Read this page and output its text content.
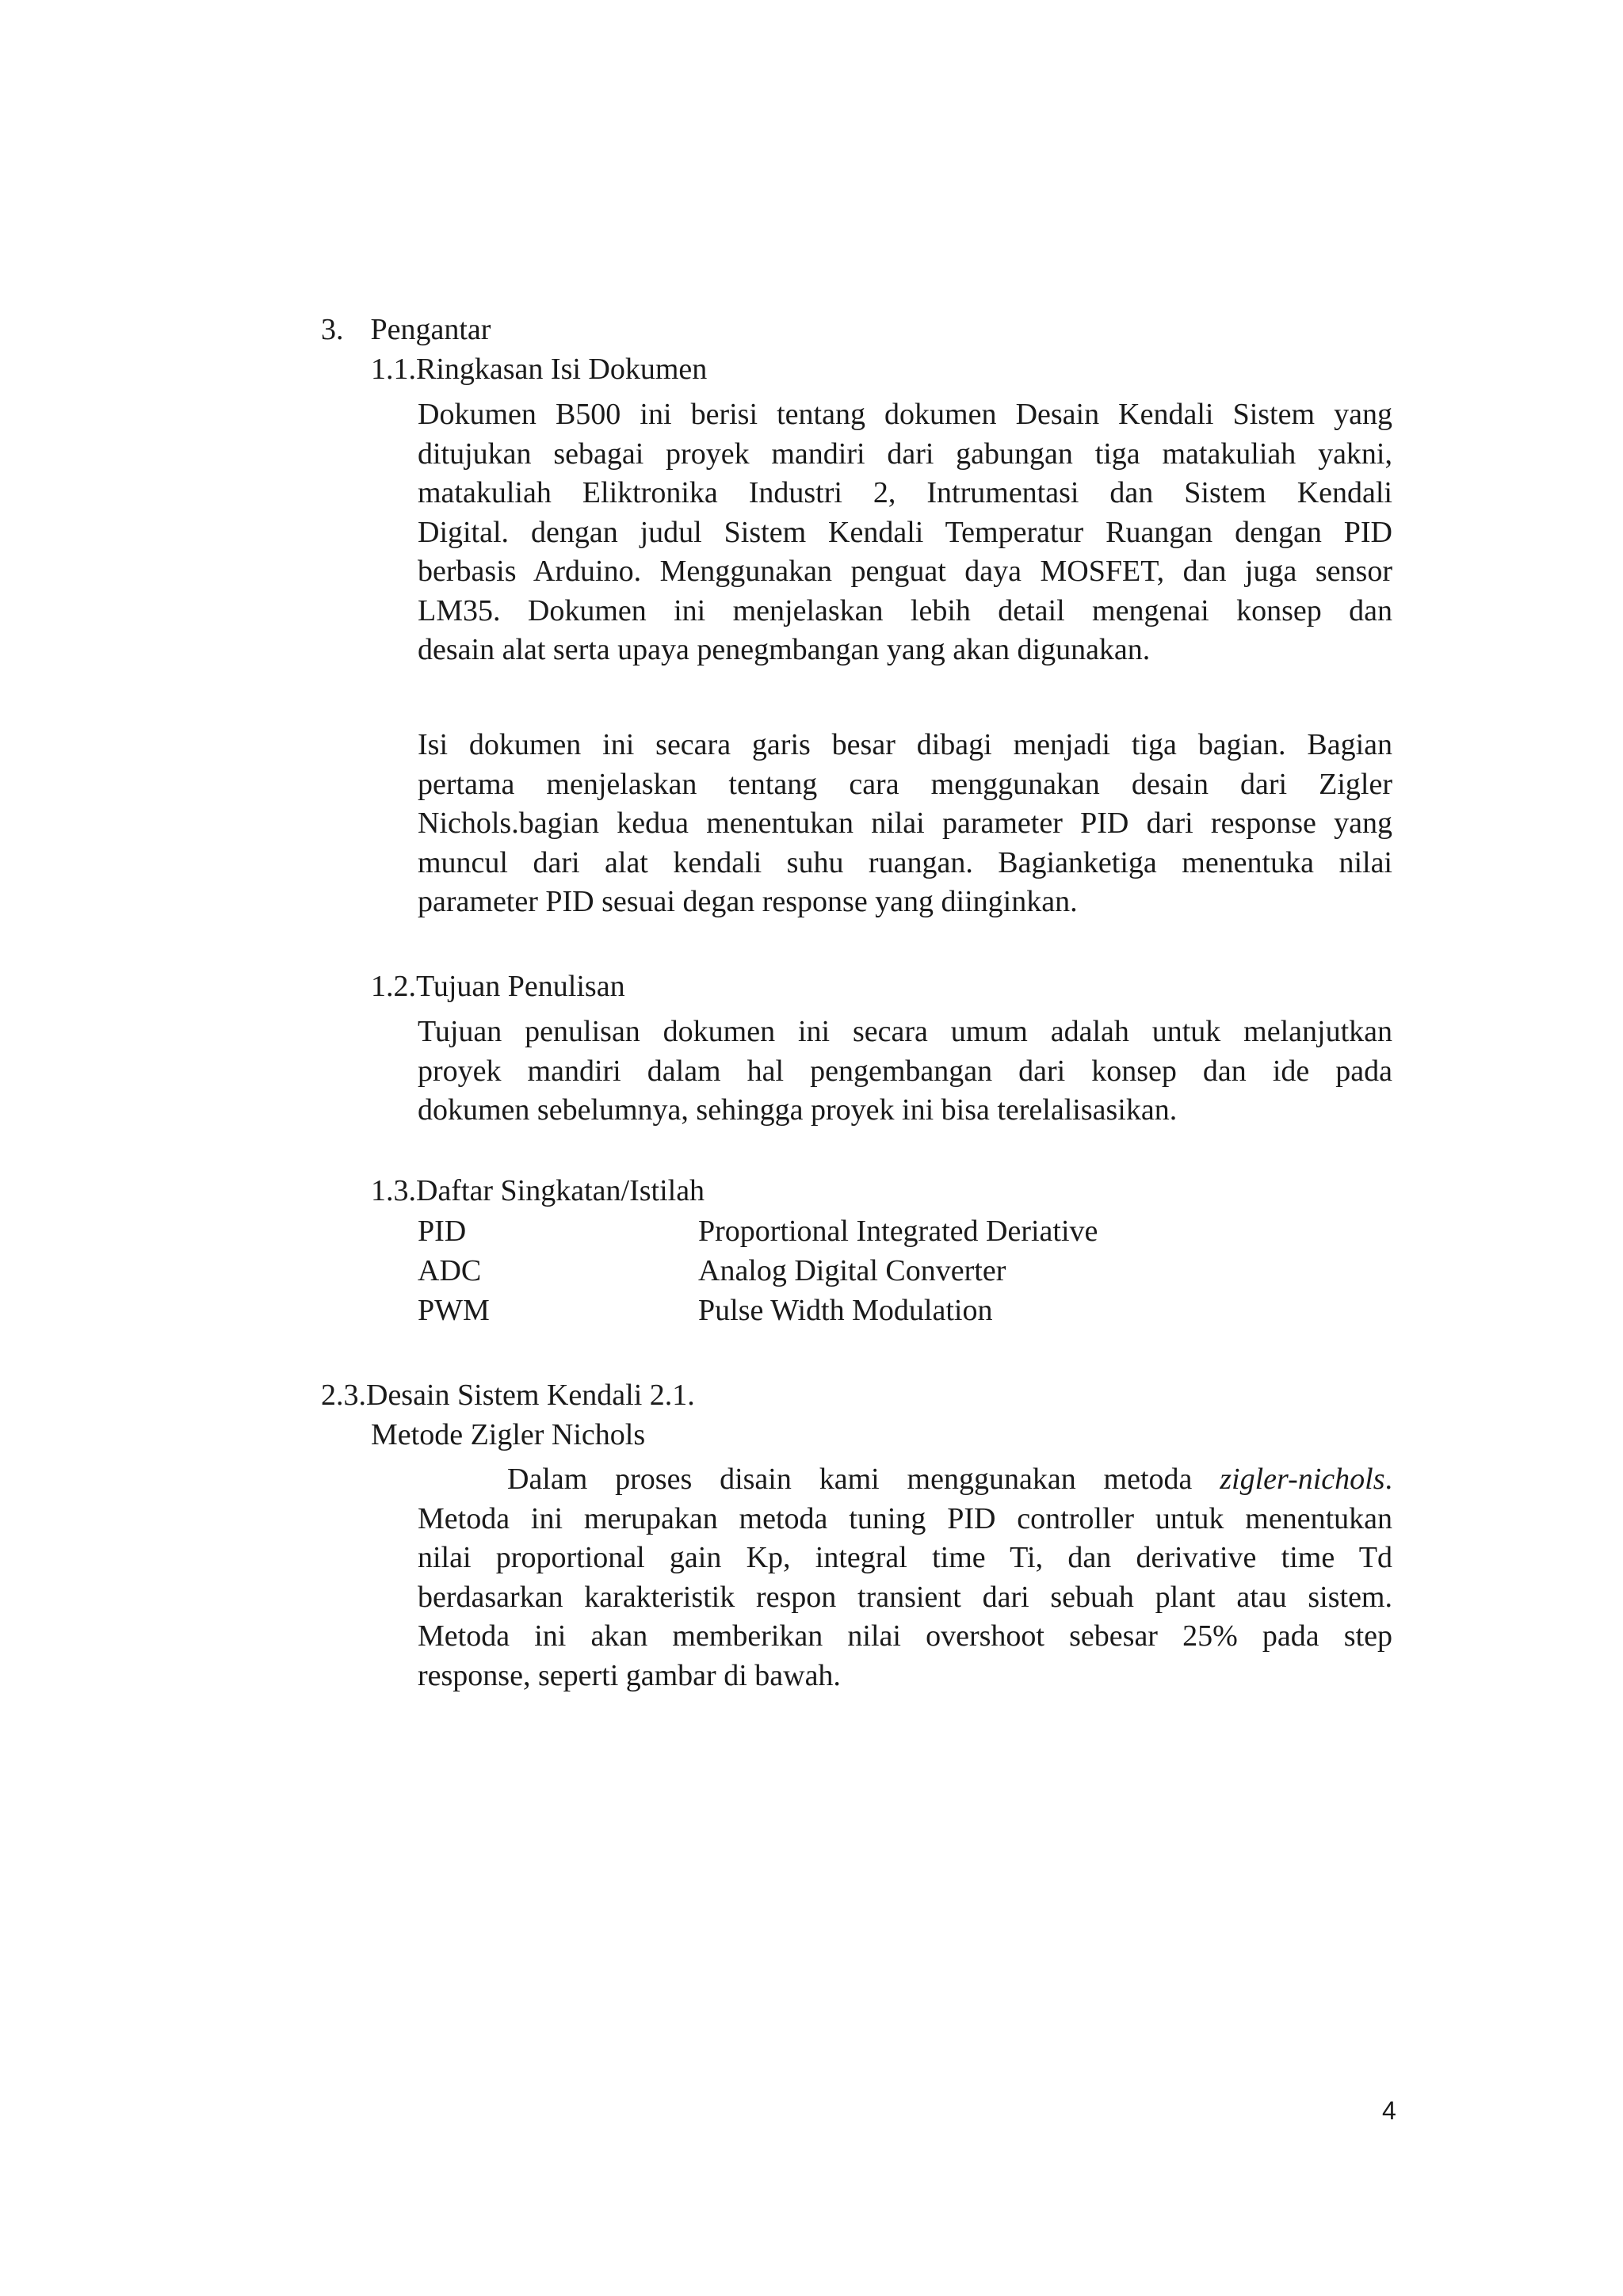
3. Pengantar
1.1.Ringkasan Isi Dokumen
Dokumen B500 ini berisi tentang dokumen Desain Kendali Sistem yang
ditujukan sebagai proyek mandiri dari gabungan tiga matakuliah yakni,
matakuliah Eliktronika Industri 2, Intrumentasi dan Sistem Kendali
Digital. dengan judul Sistem Kendali Temperatur Ruangan dengan PID
berbasis Arduino. Menggunakan penguat daya MOSFET, dan juga sensor
LM35. Dokumen ini menjelaskan lebih detail mengenai konsep dan
desain alat serta upaya penegmbangan yang akan digunakan.
Isi dokumen ini secara garis besar dibagi menjadi tiga bagian. Bagian
pertama menjelaskan tentang cara menggunakan desain dari Zigler
Nichols.bagian kedua menentukan nilai parameter PID dari response yang
muncul dari alat kendali suhu ruangan. Bagianketiga menentuka nilai
parameter PID sesuai degan response yang diinginkan.
1.2.Tujuan Penulisan
Tujuan penulisan dokumen ini secara umum adalah untuk melanjutkan
proyek mandiri dalam hal pengembangan dari konsep dan ide pada
dokumen sebelumnya, sehingga proyek ini bisa terelalisasikan.
1.3.Daftar Singkatan/Istilah
PID	Proportional Integrated Deriative
ADC	Analog Digital Converter
PWM	Pulse Width Modulation
2.3.Desain Sistem Kendali 2.1.
Metode Zigler Nichols
Dalam proses disain kami menggunakan metoda zigler-nichols.
Metoda ini merupakan metoda tuning PID controller untuk menentukan
nilai proportional gain Kp, integral time Ti, dan derivative time Td
berdasarkan karakteristik respon transient dari sebuah plant atau sistem.
Metoda ini akan memberikan nilai overshoot sebesar 25% pada step
response, seperti gambar di bawah.
4
